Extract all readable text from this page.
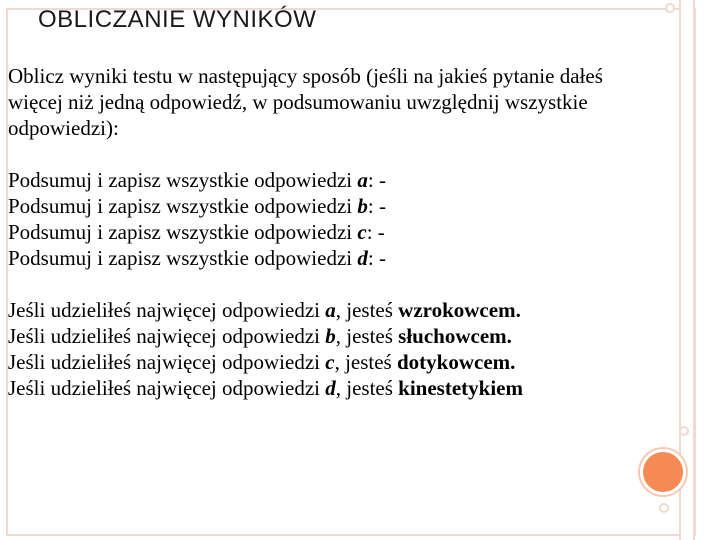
OBLICZANIE WYNIKÓW

Oblicz wyniki testu w następujący sposób (jeśli na jakieś pytanie dałeś

więcej niż jedną odpowiedź, w podsumowaniu uwzględnij wszystkie

odpowiedzi):

Podsumuj i zapisz wszystkie odpowiedzi a: -

Podsumuj i zapisz wszystkie odpowiedzi b: -

Podsumuj i zapisz wszystkie odpowiedzi c: -

Podsumuj i zapisz wszystkie odpowiedzi d: -

Jeśli udzieliłeś najwięcej odpowiedzi a, jesteś wzrokowcem.

Jeśli udzieliłeś najwięcej odpowiedzi b, jesteś słuchowcem.

Jeśli udzieliłeś najwięcej odpowiedzi c, jesteś dotykowcem.

Jeśli udzieliłeś najwięcej odpowiedzi d, jesteś kinestetykiem
